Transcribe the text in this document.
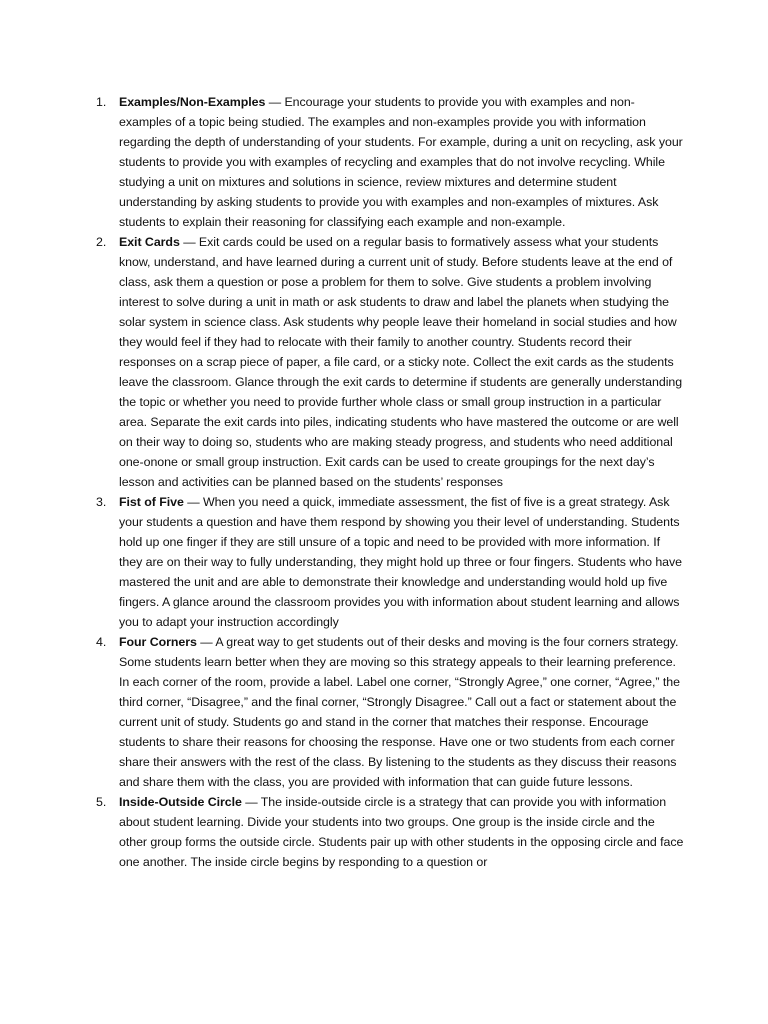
1. Examples/Non-Examples — Encourage your students to provide you with examples and non-examples of a topic being studied. The examples and non-examples provide you with information regarding the depth of understanding of your students. For example, during a unit on recycling, ask your students to provide you with examples of recycling and examples that do not involve recycling. While studying a unit on mixtures and solutions in science, review mixtures and determine student understanding by asking students to provide you with examples and non-examples of mixtures. Ask students to explain their reasoning for classifying each example and non-example.
2. Exit Cards — Exit cards could be used on a regular basis to formatively assess what your students know, understand, and have learned during a current unit of study. Before students leave at the end of class, ask them a question or pose a problem for them to solve. Give students a problem involving interest to solve during a unit in math or ask students to draw and label the planets when studying the solar system in science class. Ask students why people leave their homeland in social studies and how they would feel if they had to relocate with their family to another country. Students record their responses on a scrap piece of paper, a file card, or a sticky note. Collect the exit cards as the students leave the classroom. Glance through the exit cards to determine if students are generally understanding the topic or whether you need to provide further whole class or small group instruction in a particular area. Separate the exit cards into piles, indicating students who have mastered the outcome or are well on their way to doing so, students who are making steady progress, and students who need additional one-onone or small group instruction. Exit cards can be used to create groupings for the next day’s lesson and activities can be planned based on the students’ responses
3. Fist of Five — When you need a quick, immediate assessment, the fist of five is a great strategy. Ask your students a question and have them respond by showing you their level of understanding. Students hold up one finger if they are still unsure of a topic and need to be provided with more information. If they are on their way to fully understanding, they might hold up three or four fingers. Students who have mastered the unit and are able to demonstrate their knowledge and understanding would hold up five fingers. A glance around the classroom provides you with information about student learning and allows you to adapt your instruction accordingly
4. Four Corners — A great way to get students out of their desks and moving is the four corners strategy. Some students learn better when they are moving so this strategy appeals to their learning preference. In each corner of the room, provide a label. Label one corner, “Strongly Agree,” one corner, “Agree,” the third corner, “Disagree,” and the final corner, “Strongly Disagree.” Call out a fact or statement about the current unit of study. Students go and stand in the corner that matches their response. Encourage students to share their reasons for choosing the response. Have one or two students from each corner share their answers with the rest of the class. By listening to the students as they discuss their reasons and share them with the class, you are provided with information that can guide future lessons.
5. Inside-Outside Circle — The inside-outside circle is a strategy that can provide you with information about student learning. Divide your students into two groups. One group is the inside circle and the other group forms the outside circle. Students pair up with other students in the opposing circle and face one another. The inside circle begins by responding to a question or
